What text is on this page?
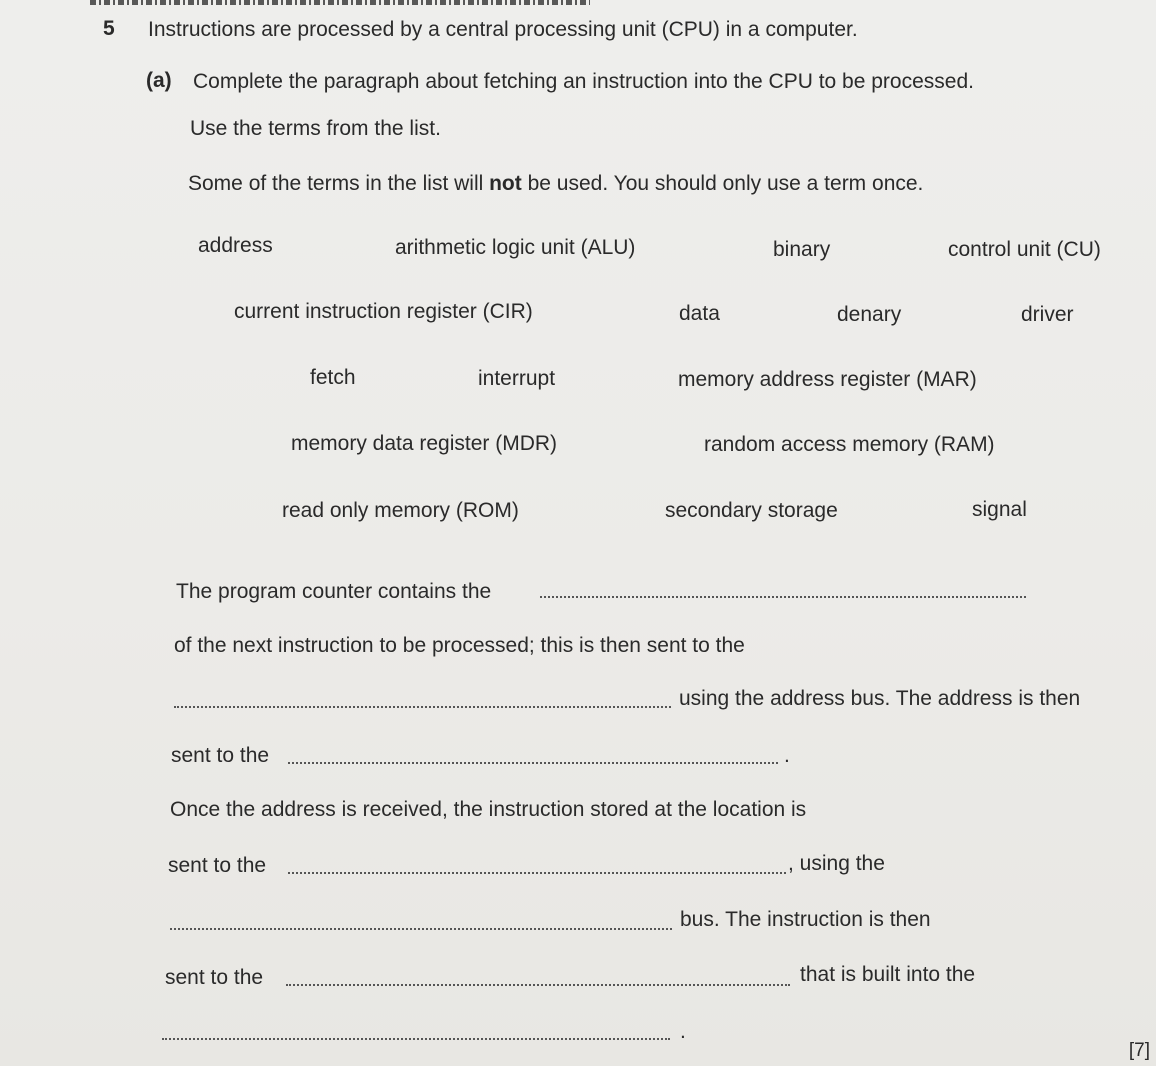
5 Instructions are processed by a central processing unit (CPU) in a computer.
(a) Complete the paragraph about fetching an instruction into the CPU to be processed.
Use the terms from the list.
Some of the terms in the list will not be used. You should only use a term once.
address	arithmetic logic unit (ALU)	binary	control unit (CU)
current instruction register (CIR)	data	denary	driver
fetch	interrupt	memory address register (MAR)
memory data register (MDR)	random access memory (RAM)
read only memory (ROM)	secondary storage	signal
The program counter contains the
of the next instruction to be processed; this is then sent to the
using the address bus. The address is then
sent to the	.
Once the address is received, the instruction stored at the location is
sent to the	, using the
bus. The instruction is then
sent to the	that is built into the
.
[7]
